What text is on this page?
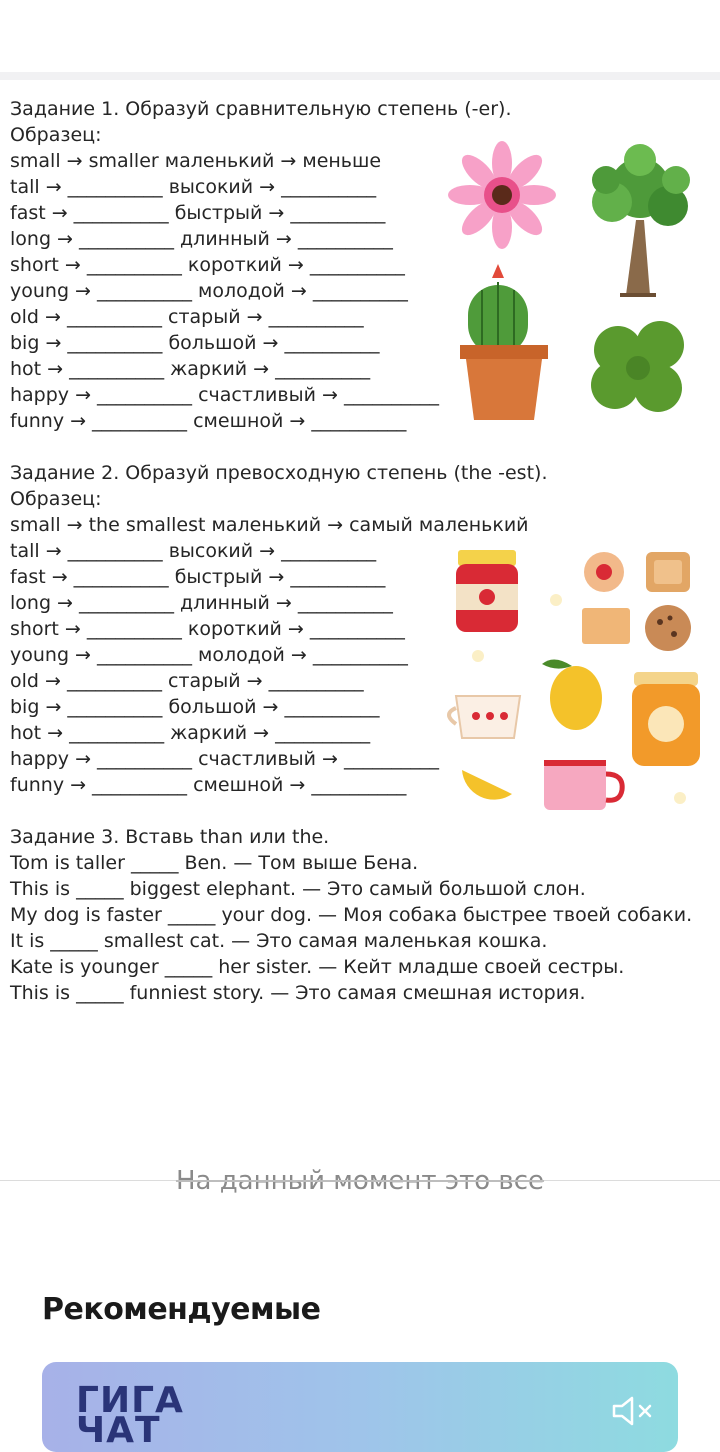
Задание 1. Образуй сравнительную степень (-er).
Образец:
small → smaller маленький → меньше
tall → __________ высокий → __________
fast → __________ быстрый → __________
long → __________ длинный → __________
short → __________ короткий → __________
young → __________ молодой → __________
old → __________ старый → __________
big → __________ большой → __________
hot → __________ жаркий → __________
happy → __________ счастливый → __________
funny → __________ смешной → __________
Задание 2. Образуй превосходную степень (the -est).
Образец:
small → the smallest маленький → самый маленький
tall → __________ высокий → __________
fast → __________ быстрый → __________
long → __________ длинный → __________
short → __________ короткий → __________
young → __________ молодой → __________
old → __________ старый → __________
big → __________ большой → __________
hot → __________ жаркий → __________
happy → __________ счастливый → __________
funny → __________ смешной → __________
Задание 3. Вставь than или the.
Tom is taller _____ Ben. — Том выше Бена.
This is _____ biggest elephant. — Это самый большой слон.
My dog is faster _____ your dog. — Моя собака быстрее твоей собаки.
It is _____ smallest cat. — Это самая маленькая кошка.
Kate is younger _____ her sister. — Кейт младше своей сестры.
This is _____ funniest story. — Это самая смешная история.
На данный момент это все
Рекомендуемые
ГИГА
ЧАТ
